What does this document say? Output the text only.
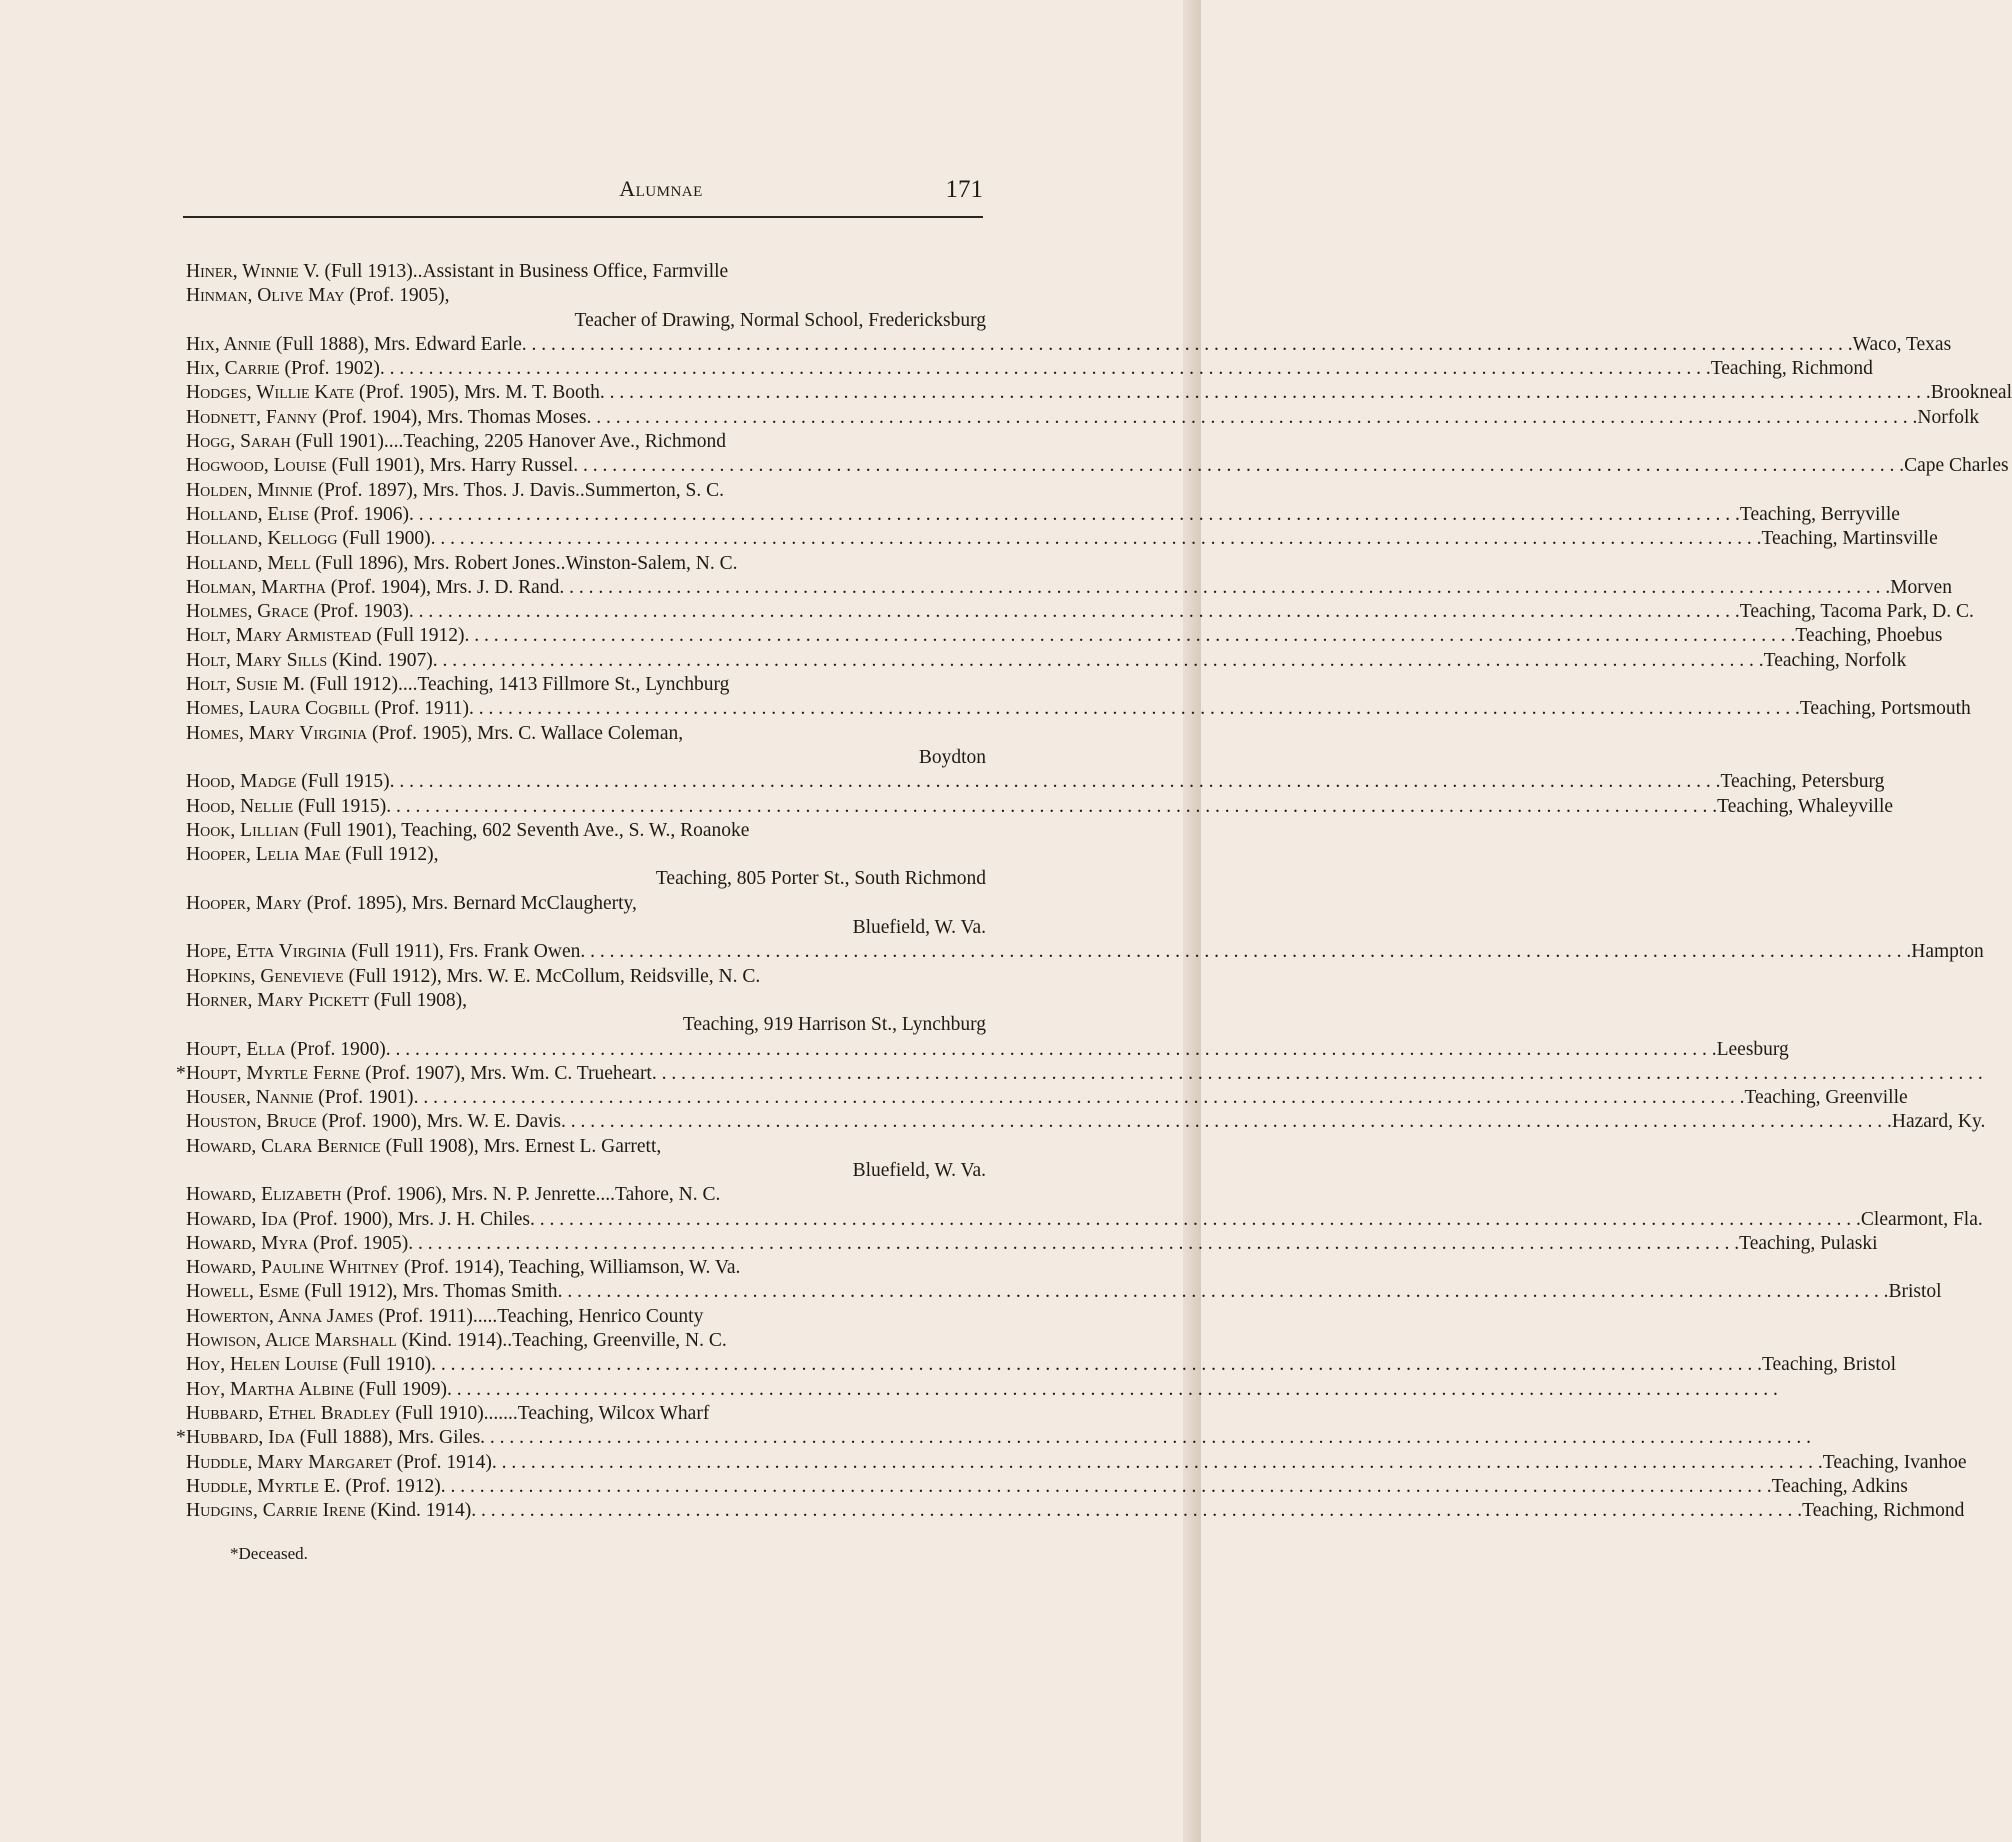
Alumnae	171
Hiner, Winnie V. (Full 1913)..Assistant in Business Office, Farmville
Hinman, Olive May (Prof. 1905),
Teacher of Drawing, Normal School, Fredericksburg
Hix, Annie (Full 1888), Mrs. Edward Earle . . .	Waco, Texas
Hix, Carrie (Prof. 1902) . . .	Teaching, Richmond
Hodges, Willie Kate (Prof. 1905), Mrs. M. T. Booth . . .	Brookneal
Hodnett, Fanny (Prof. 1904), Mrs. Thomas Moses . . .	Norfolk
Hogg, Sarah (Full 1901)....Teaching, 2205 Hanover Ave., Richmond
Hogwood, Louise (Full 1901), Mrs. Harry Russel . . .	Cape Charles
Holden, Minnie (Prof. 1897), Mrs. Thos. J. Davis..Summerton, S. C.
Holland, Elise (Prof. 1906) . . .	Teaching, Berryville
Holland, Kellogg (Full 1900) . . .	Teaching, Martinsville
Holland, Mell (Full 1896), Mrs. Robert Jones..Winston-Salem, N. C.
Holman, Martha (Prof. 1904), Mrs. J. D. Rand . . .	Morven
Holmes, Grace (Prof. 1903) . . .	Teaching, Tacoma Park, D. C.
Holt, Mary Armistead (Full 1912) . . .	Teaching, Phoebus
Holt, Mary Sills (Kind. 1907) . . .	Teaching, Norfolk
Holt, Susie M. (Full 1912)....Teaching, 1413 Fillmore St., Lynchburg
Homes, Laura Cogbill (Prof. 1911) . . .	Teaching, Portsmouth
Homes, Mary Virginia (Prof. 1905), Mrs. C. Wallace Coleman,
Boydton
Hood, Madge (Full 1915) . . .	Teaching, Petersburg
Hood, Nellie (Full 1915) . . .	Teaching, Whaleyville
Hook, Lillian (Full 1901), Teaching, 602 Seventh Ave., S. W., Roanoke
Hooper, Lelia Mae (Full 1912),
Teaching, 805 Porter St., South Richmond
Hooper, Mary (Prof. 1895), Mrs. Bernard McClaugherty,
Bluefield, W. Va.
Hope, Etta Virginia (Full 1911), Frs. Frank Owen . . .	Hampton
Hopkins, Genevieve (Full 1912), Mrs. W. E. McCollum, Reidsville, N. C.
Horner, Mary Pickett (Full 1908),
Teaching, 919 Harrison St., Lynchburg
Houpt, Ella (Prof. 1900) . . .	Leesburg
* Houpt, Myrtle Ferne (Prof. 1907), Mrs. Wm. C. Trueheart
. . .
Houser, Nannie (Prof. 1901) . . .	Teaching, Greenville
Houston, Bruce (Prof. 1900), Mrs. W. E. Davis . . .	Hazard, Ky.
Howard, Clara Bernice (Full 1908), Mrs. Ernest L. Garrett,
Bluefield, W. Va.
Howard, Elizabeth (Prof. 1906), Mrs. N. P. Jenrette....Tahore, N. C.
Howard, Ida (Prof. 1900), Mrs. J. H. Chiles . . .	Clearmont, Fla.
Howard, Myra (Prof. 1905) . . .	Teaching, Pulaski
Howard, Pauline Whitney (Prof. 1914), Teaching, Williamson, W. Va.
Howell, Esme (Full 1912), Mrs. Thomas Smith . . .	Bristol
Howerton, Anna James (Prof. 1911).....Teaching, Henrico County
Howison, Alice Marshall (Kind. 1914)..Teaching, Greenville, N. C.
Hoy, Helen Louise (Full 1910) . . .	Teaching, Bristol
Hoy, Martha Albine (Full 1909)
. . .
Hubbard, Ethel Bradley (Full 1910).......Teaching, Wilcox Wharf
* Hubbard, Ida (Full 1888), Mrs. Giles
. . .
Huddle, Mary Margaret (Prof. 1914) . . .	Teaching, Ivanhoe
Huddle, Myrtle E. (Prof. 1912) . . .	Teaching, Adkins
Hudgins, Carrie Irene (Kind. 1914) . . .	Teaching, Richmond
*Deceased.
